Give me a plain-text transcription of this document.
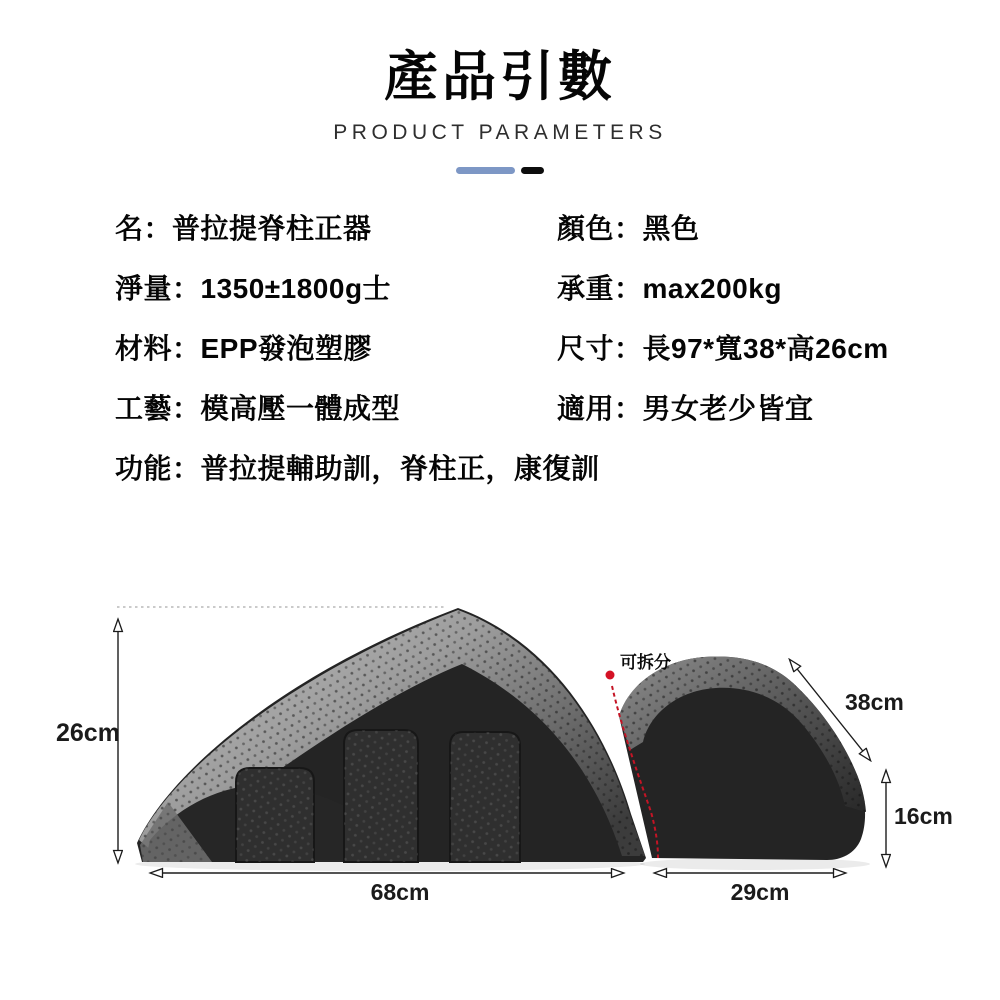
產品引數
PRODUCT PARAMETERS
名：普拉提脊柱正器
淨量：1350±1800g士
材料：EPP發泡塑膠
工藝：模高壓一體成型
功能：普拉提輔助訓，脊柱正，康復訓
顏色：黑色
承重：max200kg
尺寸：長97*寬38*高26cm
適用：男女老少皆宜
26cm
68cm	29cm
38cm
16cm
可拆分
